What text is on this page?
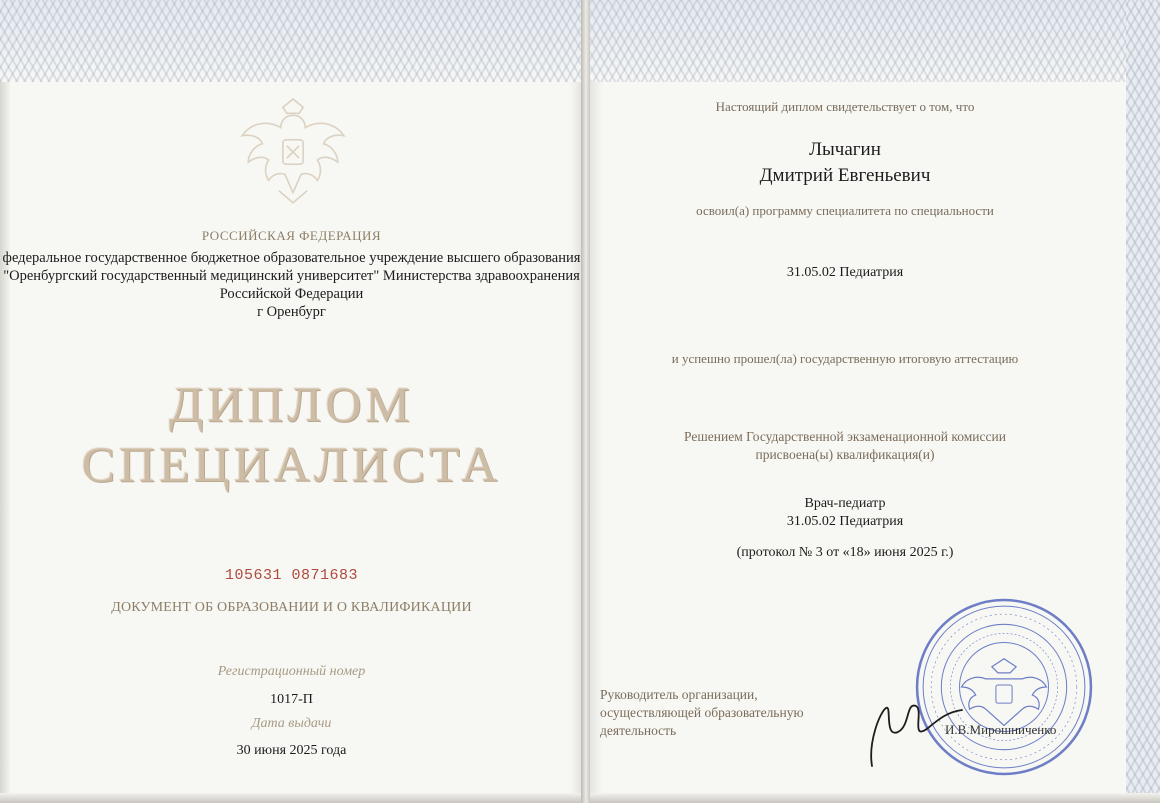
РОССИЙСКАЯ ФЕДЕРАЦИЯ

федеральное государственное бюджетное образовательное учреждение высшего образования "Оренбургский государственный медицинский университет" Министерства здравоохранения Российской Федерации
г Оренбург

ДИПЛОМ

СПЕЦИАЛИСТА

105631 0871683

ДОКУМЕНТ ОБ ОБРАЗОВАНИИ И О КВАЛИФИКАЦИИ

Регистрационный номер

1017-П

Дата выдачи

30 июня 2025 года

Настоящий диплом свидетельствует о том, что

Лычагин
Дмитрий Евгеньевич

освоил(а) программу специалитета по специальности

31.05.02 Педиатрия

и успешно прошел(ла) государственную итоговую аттестацию

Решением Государственной экзаменационной комиссии
присвоена(ы) квалификация(и)

Врач-педиатр
31.05.02 Педиатрия

(протокол № 3 от «18» июня 2025 г.)

Руководитель организации,
осуществляющей образовательную
деятельность	И.В.Мирошниченко
